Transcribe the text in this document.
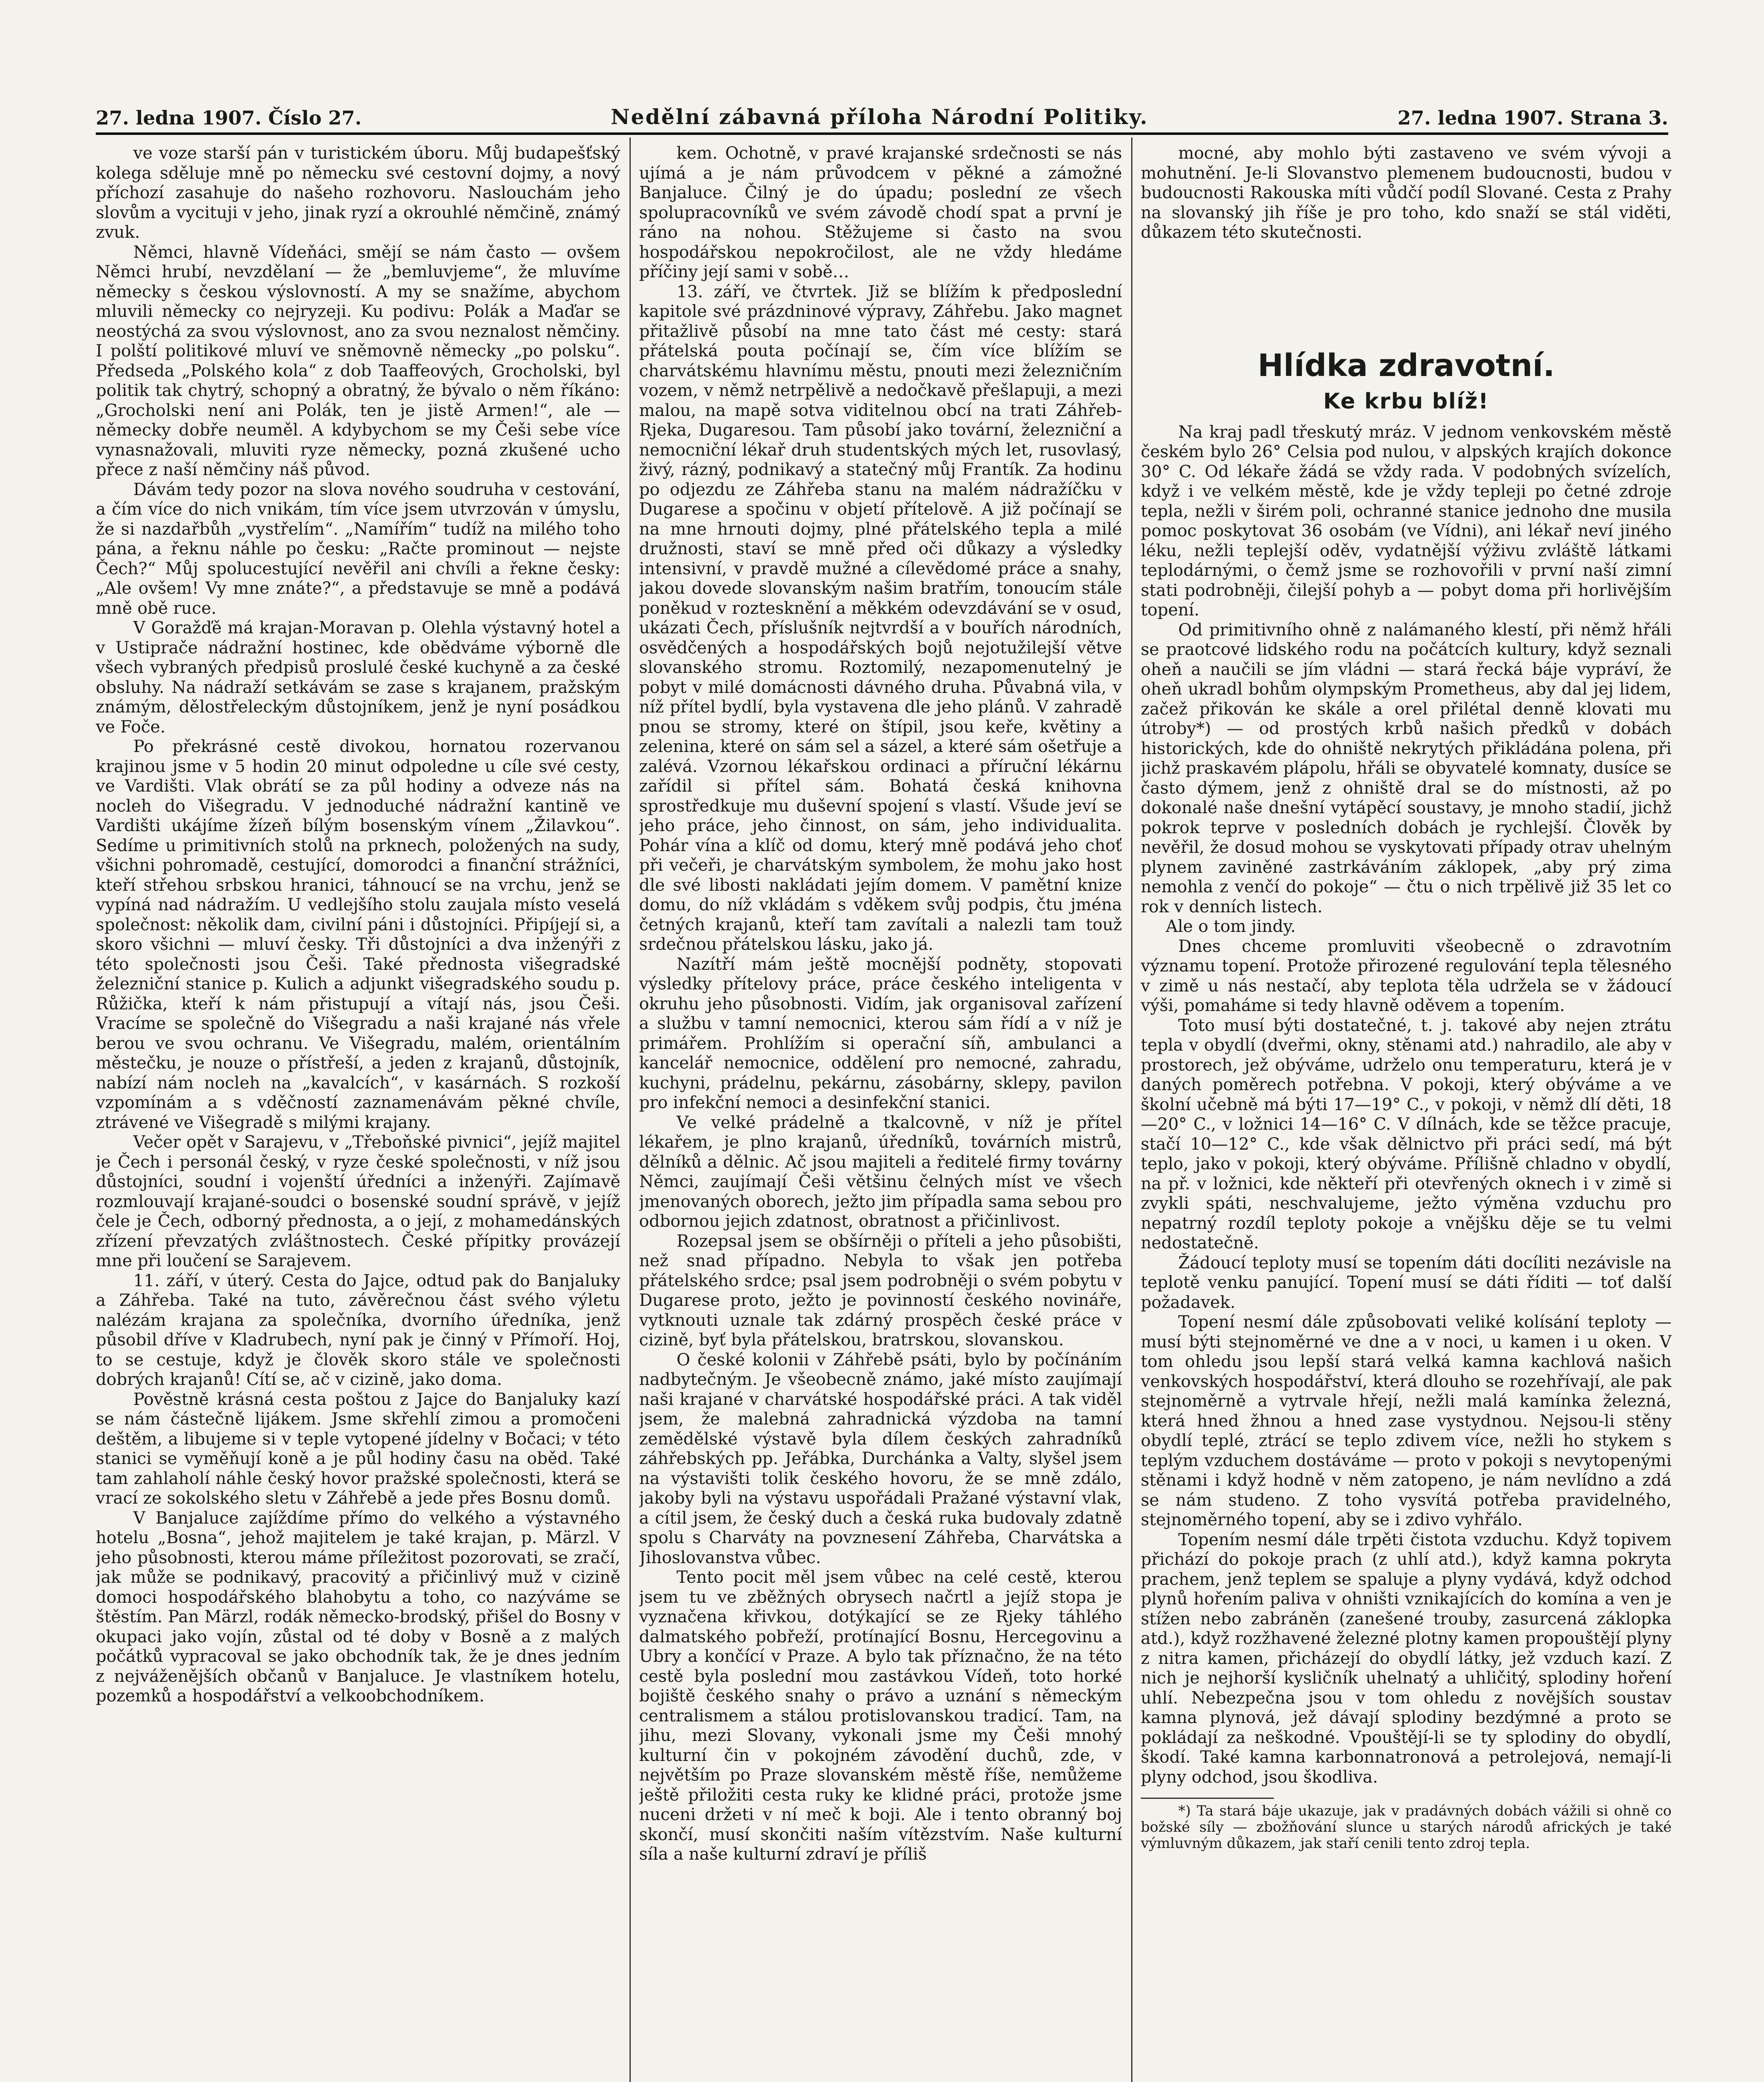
27. ledna 1907. Číslo 27.	Nedělní zábavná příloha Národní Politiky.	27. ledna 1907. Strana 3.

ve voze starší pán v turistickém úboru. Můj budapešťský kolega sděluje mně po německu své cestovní dojmy, a nový příchozí zasahuje do našeho rozhovoru. Naslouchám jeho slovům a vycituji v jeho, jinak ryzí a okrouhlé němčině, známý zvuk.

Němci, hlavně Vídeňáci, smějí se nám často — ovšem Němci hrubí, nevzdělaní — že „bemluvjeme“, že mluvíme německy s českou výslovností. A my se snažíme, abychom mluvili německy co nejryzeji. Ku podivu: Polák a Maďar se neostýchá za svou výslovnost, ano za svou neznalost němčiny. I polští politikové mluví ve sněmovně německy „po polsku“. Předseda „Polského kola“ z dob Taaffeových, Grocholski, byl politik tak chytrý, schopný a obratný, že bývalo o něm říkáno: „Grocholski není ani Polák, ten je jistě Armen!“, ale — německy dobře neuměl. A kdybychom se my Češi sebe více vynasnažovali, mluviti ryze německy, pozná zkušené ucho přece z naší němčiny náš původ.

Dávám tedy pozor na slova nového soudruha v cestování, a čím více do nich vnikám, tím více jsem utvrzován v úmyslu, že si nazdařbůh „vystřelím“. „Namířím“ tudíž na milého toho pána, a řeknu náhle po česku: „Račte prominout — nejste Čech?“ Můj spolucestující nevěřil ani chvíli a řekne česky: „Ale ovšem! Vy mne znáte?“, a představuje se mně a podává mně obě ruce.

V Goražďě má krajan-Moravan p. Olehla výstavný hotel a v Ustiprače nádražní hostinec, kde obědváme výborně dle všech vybraných předpisů proslulé české kuchyně a za české obsluhy. Na nádraží setkávám se zase s krajanem, pražským známým, dělostřeleckým důstojníkem, jenž je nyní posádkou ve Foče.

Po překrásné cestě divokou, hornatou rozervanou krajinou jsme v 5 hodin 20 minut odpoledne u cíle své cesty, ve Vardišti. Vlak obrátí se za půl hodiny a odveze nás na nocleh do Višegradu. V jednoduché nádražní kantině ve Vardišti ukájíme žízeň bílým bosenským vínem „Žilavkou“. Sedíme u primitivních stolů na prknech, položených na sudy, všichni pohromadě, cestující, domorodci a finanční strážníci, kteří střehou srbskou hranici, táhnoucí se na vrchu, jenž se vypíná nad nádražím. U vedlejšího stolu zaujala místo veselá společnost: několik dam, civilní páni i důstojníci. Připíjejí si, a skoro všichni — mluví česky. Tři důstojníci a dva inženýři z této společnosti jsou Češi. Také přednosta višegradské železniční stanice p. Kulich a adjunkt višegradského soudu p. Růžička, kteří k nám přistupují a vítají nás, jsou Češi. Vracíme se společně do Višegradu a naši krajané nás vřele berou ve svou ochranu. Ve Višegradu, malém, orientálním městečku, je nouze o přístřeší, a jeden z krajanů, důstojník, nabízí nám nocleh na „kavalcích“, v kasárnách. S rozkoší vzpomínám a s vděčností zaznamenávám pěkné chvíle, ztrávené ve Višegradě s milými krajany.

Večer opět v Sarajevu, v „Třeboňské pivnici“, jejíž majitel je Čech i personál český, v ryze české společnosti, v níž jsou důstojníci, soudní i vojenští úředníci a inženýři. Zajímavě rozmlouvají krajané-soudci o bosenské soudní správě, v jejíž čele je Čech, odborný přednosta, a o její, z mohamedánských zřízení převzatých zvláštnostech. České přípitky provázejí mne při loučení se Sarajevem.

11. září, v úterý. Cesta do Jajce, odtud pak do Banjaluky a Záhřeba. Také na tuto, závěrečnou část svého výletu nalézám krajana za společníka, dvorního úředníka, jenž působil dříve v Kladrubech, nyní pak je činný v Přímoří. Hoj, to se cestuje, když je člověk skoro stále ve společnosti dobrých krajanů! Cítí se, ač v cizině, jako doma.

Pověstně krásná cesta poštou z Jajce do Banjaluky kazí se nám částečně lijákem. Jsme skřehlí zimou a promočeni deštěm, a libujeme si v teple vytopené jídelny v Bočaci; v této stanici se vyměňují koně a je půl hodiny času na oběd. Také tam zahlaholí náhle český hovor pražské společnosti, která se vrací ze sokolského sletu v Záhřebě a jede přes Bosnu domů.

V Banjaluce zajíždíme přímo do velkého a výstavného hotelu „Bosna“, jehož majitelem je také krajan, p. Märzl. V jeho působnosti, kterou máme příležitost pozorovati, se zračí, jak může se podnikavý, pracovitý a přičinlivý muž v cizině domoci hospodářského blahobytu a toho, co nazýváme se štěstím. Pan Märzl, rodák německo-brodský, přišel do Bosny v okupaci jako vojín, zůstal od té doby v Bosně a z malých počátků vypracoval se jako obchodník tak, že je dnes jedním z nejváženějších občanů v Banjaluce. Je vlastníkem hotelu, pozemků a hospodářství a velkoobchodníkem.

kem. Ochotně, v pravé krajanské srdečnosti se nás ujímá a je nám průvodcem v pěkné a zámožné Banjaluce. Čilný je do úpadu; poslední ze všech spolupracovníků ve svém závodě chodí spat a první je ráno na nohou. Stěžujeme si často na svou hospodářskou nepokročilost, ale ne vždy hledáme příčiny její sami v sobě…

13. září, ve čtvrtek. Již se blížím k předposlední kapitole své prázdninové výpravy, Záhřebu. Jako magnet přitažlivě působí na mne tato část mé cesty: stará přátelská pouta počínají se, čím více blížím se charvátskému hlavnímu městu, pnouti mezi železničním vozem, v němž netrpělivě a nedočkavě přešlapuji, a mezi malou, na mapě sotva viditelnou obcí na trati Záhřeb-Rjeka, Dugaresou. Tam působí jako tovární, železniční a nemocniční lékař druh studentských mých let, rusovlasý, živý, rázný, podnikavý a statečný můj Frantík. Za hodinu po odjezdu ze Záhřeba stanu na malém nádražíčku v Dugarese a spočinu v objetí přítelově. A již počínají se na mne hrnouti dojmy, plné přátelského tepla a milé družnosti, staví se mně před oči důkazy a výsledky intensivní, v pravdě mužné a cílevědomé práce a snahy, jakou dovede slovanským našim bratřím, tonoucím stále poněkud v roztesknění a měkkém odevzdávání se v osud, ukázati Čech, příslušník nejtvrdší a v bouřích národních, osvědčených a hospodářských bojů nejotužilejší větve slovanského stromu. Roztomilý, nezapomenutelný je pobyt v milé domácnosti dávného druha. Půvabná vila, v níž přítel bydlí, byla vystavena dle jeho plánů. V zahradě pnou se stromy, které on štípil, jsou keře, květiny a zelenina, které on sám sel a sázel, a které sám ošetřuje a zalévá. Vzornou lékařskou ordinaci a příruční lékárnu zařídil si přítel sám. Bohatá česká knihovna sprostředkuje mu duševní spojení s vlastí. Všude jeví se jeho práce, jeho činnost, on sám, jeho individualita. Pohár vína a klíč od domu, který mně podává jeho choť při večeři, je charvátským symbolem, že mohu jako host dle své libosti nakládati jejím domem. V pamětní knize domu, do níž vkládám s vděkem svůj podpis, čtu jména četných krajanů, kteří tam zavítali a nalezli tam touž srdečnou přátelskou lásku, jako já.

Nazítří mám ještě mocnější podněty, stopovati výsledky přítelovy práce, práce českého inteligenta v okruhu jeho působnosti. Vidím, jak organisoval zařízení a službu v tamní nemocnici, kterou sám řídí a v níž je primářem. Prohlížím si operační síň, ambulanci a kancelář nemocnice, oddělení pro nemocné, zahradu, kuchyni, prádelnu, pekárnu, zásobárny, sklepy, pavilon pro infekční nemoci a desinfekční stanici.

Ve velké prádelně a tkalcovně, v níž je přítel lékařem, je plno krajanů, úředníků, továrních mistrů, dělníků a dělnic. Ač jsou majiteli a ředitelé firmy továrny Němci, zaujímají Češi většinu čelných míst ve všech jmenovaných oborech, ježto jim případla sama sebou pro odbornou jejich zdatnost, obratnost a přičinlivost.

Rozepsal jsem se obšírněji o příteli a jeho působišti, než snad případno. Nebyla to však jen potřeba přátelského srdce; psal jsem podrobněji o svém pobytu v Dugarese proto, ježto je povinností českého novináře, vytknouti uznale tak zdárný prospěch české práce v cizině, byť byla přátelskou, bratrskou, slovanskou.

O české kolonii v Záhřebě psáti, bylo by počínáním nadbytečným. Je všeobecně známo, jaké místo zaujímají naši krajané v charvátské hospodářské práci. A tak viděl jsem, že malebná zahradnická výzdoba na tamní zemědělské výstavě byla dílem českých zahradníků záhřebských pp. Jeřábka, Durchánka a Valty, slyšel jsem na výstavišti tolik českého hovoru, že se mně zdálo, jakoby byli na výstavu uspořádali Pražané výstavní vlak, a cítil jsem, že český duch a česká ruka budovaly zdatně spolu s Charváty na povznesení Záhřeba, Charvátska a Jihoslovanstva vůbec.

Tento pocit měl jsem vůbec na celé cestě, kterou jsem tu ve zběžných obrysech načrtl a jejíž stopa je vyznačena křivkou, dotýkající se ze Rjeky táhlého dalmatského pobřeží, protínající Bosnu, Hercegovinu a Ubry a končící v Praze. A bylo tak příznačno, že na této cestě byla poslední mou zastávkou Vídeň, toto horké bojiště českého snahy o právo a uznání s německým centralismem a stálou protislovanskou tradicí. Tam, na jihu, mezi Slovany, vykonali jsme my Češi mnohý kulturní čin v pokojném závodění duchů, zde, v největším po Praze slovanském městě říše, nemůžeme ještě přiložiti cesta ruky ke klidné práci, protože jsme nuceni držeti v ní meč k boji. Ale i tento obranný boj skončí, musí skončiti naším vítězstvím. Naše kulturní síla a naše kulturní zdraví je příliš

mocné, aby mohlo býti zastaveno ve svém vývoji a mohutnění. Je-li Slovanstvo plemenem budoucnosti, budou v budoucnosti Rakouska míti vůdčí podíl Slované. Cesta z Prahy na slovanský jih říše je pro toho, kdo snaží se stál viděti, důkazem této skutečnosti.

Hlídka zdravotní.

Ke krbu blíž!

Na kraj padl třeskutý mráz. V jednom venkovském městě českém bylo 26° Celsia pod nulou, v alpských krajích dokonce 30° C. Od lékaře žádá se vždy rada. V podobných svízelích, když i ve velkém městě, kde je vždy tepleji po četné zdroje tepla, nežli v širém poli, ochranné stanice jednoho dne musila pomoc poskytovat 36 osobám (ve Vídni), ani lékař neví jiného léku, nežli teplejší oděv, vydatnější výživu zvláště látkami teplodárnými, o čemž jsme se rozhovořili v první naší zimní stati podrobněji, čilejší pohyb a — pobyt doma při horlivějším topení.

Od primitivního ohně z nalámaného klestí, při němž hřáli se praotcové lidského rodu na počátcích kultury, když seznali oheň a naučili se jím vládni — stará řecká báje vypráví, že oheň ukradl bohům olympským Prometheus, aby dal jej lidem, začež přikován ke skále a orel přilétal denně klovati mu útroby*) — od prostých krbů našich předků v dobách historických, kde do ohniště nekrytých přikládána polena, při jichž praskavém plápolu, hřáli se obyvatelé komnaty, dusíce se často dýmem, jenž z ohniště dral se do místnosti, až po dokonalé naše dnešní vytápěcí soustavy, je mnoho stadií, jichž pokrok teprve v posledních dobách je rychlejší. Člověk by nevěřil, že dosud mohou se vyskytovati případy otrav uhelným plynem zaviněné zastrkáváním záklopek, „aby prý zima nemohla z venčí do pokoje“ — čtu o nich trpělivě již 35 let co rok v denních listech.

Ale o tom jindy.

Dnes chceme promluviti všeobecně o zdravotním významu topení. Protože přirozené regulování tepla tělesného v zimě u nás nestačí, aby teplota těla udržela se v žádoucí výši, pomaháme si tedy hlavně oděvem a topením.

Toto musí býti dostatečné, t. j. takové aby nejen ztrátu tepla v obydlí (dveřmi, okny, stěnami atd.) nahradilo, ale aby v prostorech, jež obýváme, udrželo onu temperaturu, která je v daných poměrech potřebna. V pokoji, který obýváme a ve školní učebně má býti 17—19° C., v pokoji, v němž dlí děti, 18—20° C., v ložnici 14—16° C. V dílnách, kde se těžce pracuje, stačí 10—12° C., kde však dělnictvo při práci sedí, má být teplo, jako v pokoji, který obýváme. Přílišně chladno v obydlí, na př. v ložnici, kde někteří při otevřených oknech i v zimě si zvykli spáti, neschvalujeme, ježto výměna vzduchu pro nepatrný rozdíl teploty pokoje a vnějšku děje se tu velmi nedostatečně.

Žádoucí teploty musí se topením dáti docíliti nezávisle na teplotě venku panující. Topení musí se dáti říditi — toť další požadavek.

Topení nesmí dále způsobovati veliké kolísání teploty — musí býti stejnoměrné ve dne a v noci, u kamen i u oken. V tom ohledu jsou lepší stará velká kamna kachlová našich venkovských hospodářství, která dlouho se rozehřívají, ale pak stejnoměrně a vytrvale hřejí, nežli malá kamínka železná, která hned žhnou a hned zase vystydnou. Nejsou-li stěny obydlí teplé, ztrácí se teplo zdivem více, nežli ho stykem s teplým vzduchem dostáváme — proto v pokoji s nevytopenými stěnami i když hodně v něm zatopeno, je nám nevlídno a zdá se nám studeno. Z toho vysvítá potřeba pravidelného, stejnoměrného topení, aby se i zdivo vyhřálo.

Topením nesmí dále trpěti čistota vzduchu. Když topivem přichází do pokoje prach (z uhlí atd.), když kamna pokryta prachem, jenž teplem se spaluje a plyny vydává, když odchod plynů hořením paliva v ohništi vznikajících do komína a ven je stížen nebo zabráněn (zanešené trouby, zasurcená záklopka atd.), když rozžhavené železné plotny kamen propouštějí plyny z nitra kamen, přicházejí do obydlí látky, jež vzduch kazí. Z nich je nejhorší kysličník uhelnatý a uhličitý, splodiny hoření uhlí. Nebezpečna jsou v tom ohledu z novějších soustav kamna plynová, jež dávají splodiny bezdýmné a proto se pokládají za neškodné. Vpouštějí-li se ty splodiny do obydlí, škodí. Také kamna karbonnatronová a petrolejová, nemají-li plyny odchod, jsou škodliva.

*) Ta stará báje ukazuje, jak v pradávných dobách vážili si ohně co božské síly — zbožňování slunce u starých národů afrických je také výmluvným důkazem, jak staří cenili tento zdroj tepla.
